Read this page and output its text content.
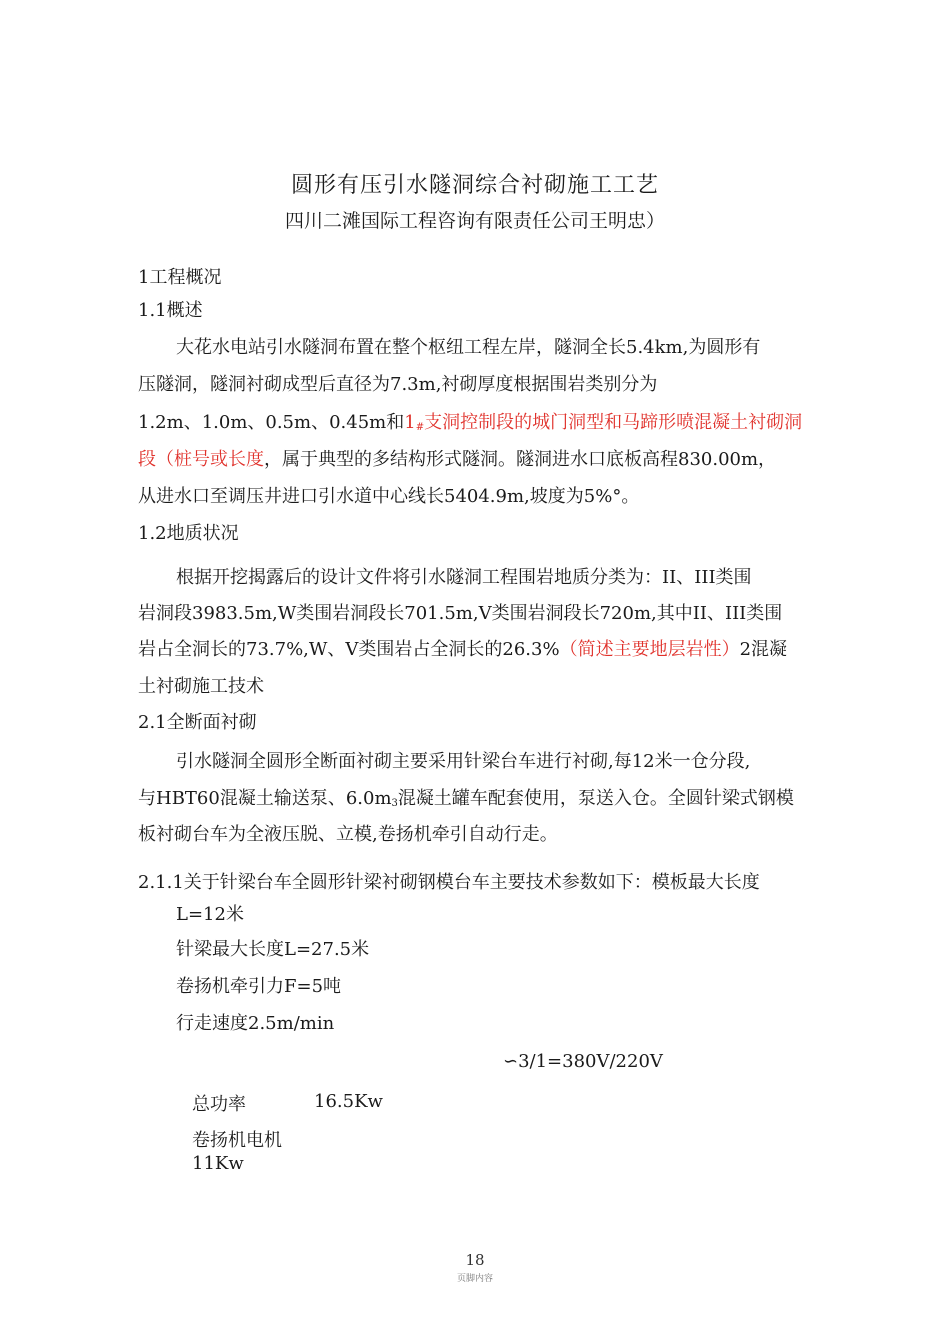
圆形有压引水隧洞综合衬砌施工工艺
四川二滩国际工程咨询有限责任公司王明忠）
1工程概况
1.1概述
大花水电站引水隧洞布置在整个枢纽工程左岸，隧洞全长5.4km,为圆形有
压隧洞，隧洞衬砌成型后直径为7.3m,衬砌厚度根据围岩类别分为
1.2m、1.0m、0.5m、0.45m和1#支洞控制段的城门洞型和马蹄形喷混凝土衬砌洞
段（桩号或长度，属于典型的多结构形式隧洞。隧洞进水口底板高程830.00m，
从进水口至调压井进口引水道中心线长5404.9m,坡度为5%°。
1.2地质状况
根据开挖揭露后的设计文件将引水隧洞工程围岩地质分类为：II、III类围
岩洞段3983.5m,W类围岩洞段长701.5m,V类围岩洞段长720m,其中II、III类围
岩占全洞长的73.7%,W、V类围岩占全洞长的26.3%（简述主要地层岩性）2混凝
土衬砌施工技术
2.1全断面衬砌
引水隧洞全圆形全断面衬砌主要采用针梁台车进行衬砌,每12米一仓分段,
与HBT60混凝土输送泵、6.0m3混凝土罐车配套使用，泵送入仓。全圆针梁式钢模
板衬砌台车为全液压脱、立模,卷扬机牵引自动行走。
2.1.1关于针梁台车全圆形针梁衬砌钢模台车主要技术参数如下：模板最大长度
L=12米
针梁最大长度L=27.5米
卷扬机牵引力F=5吨
行走速度2.5m/min
∽3/1=380V/220V
总功率	16.5Kw
卷扬机电机
11Kw
18
页脚内容
